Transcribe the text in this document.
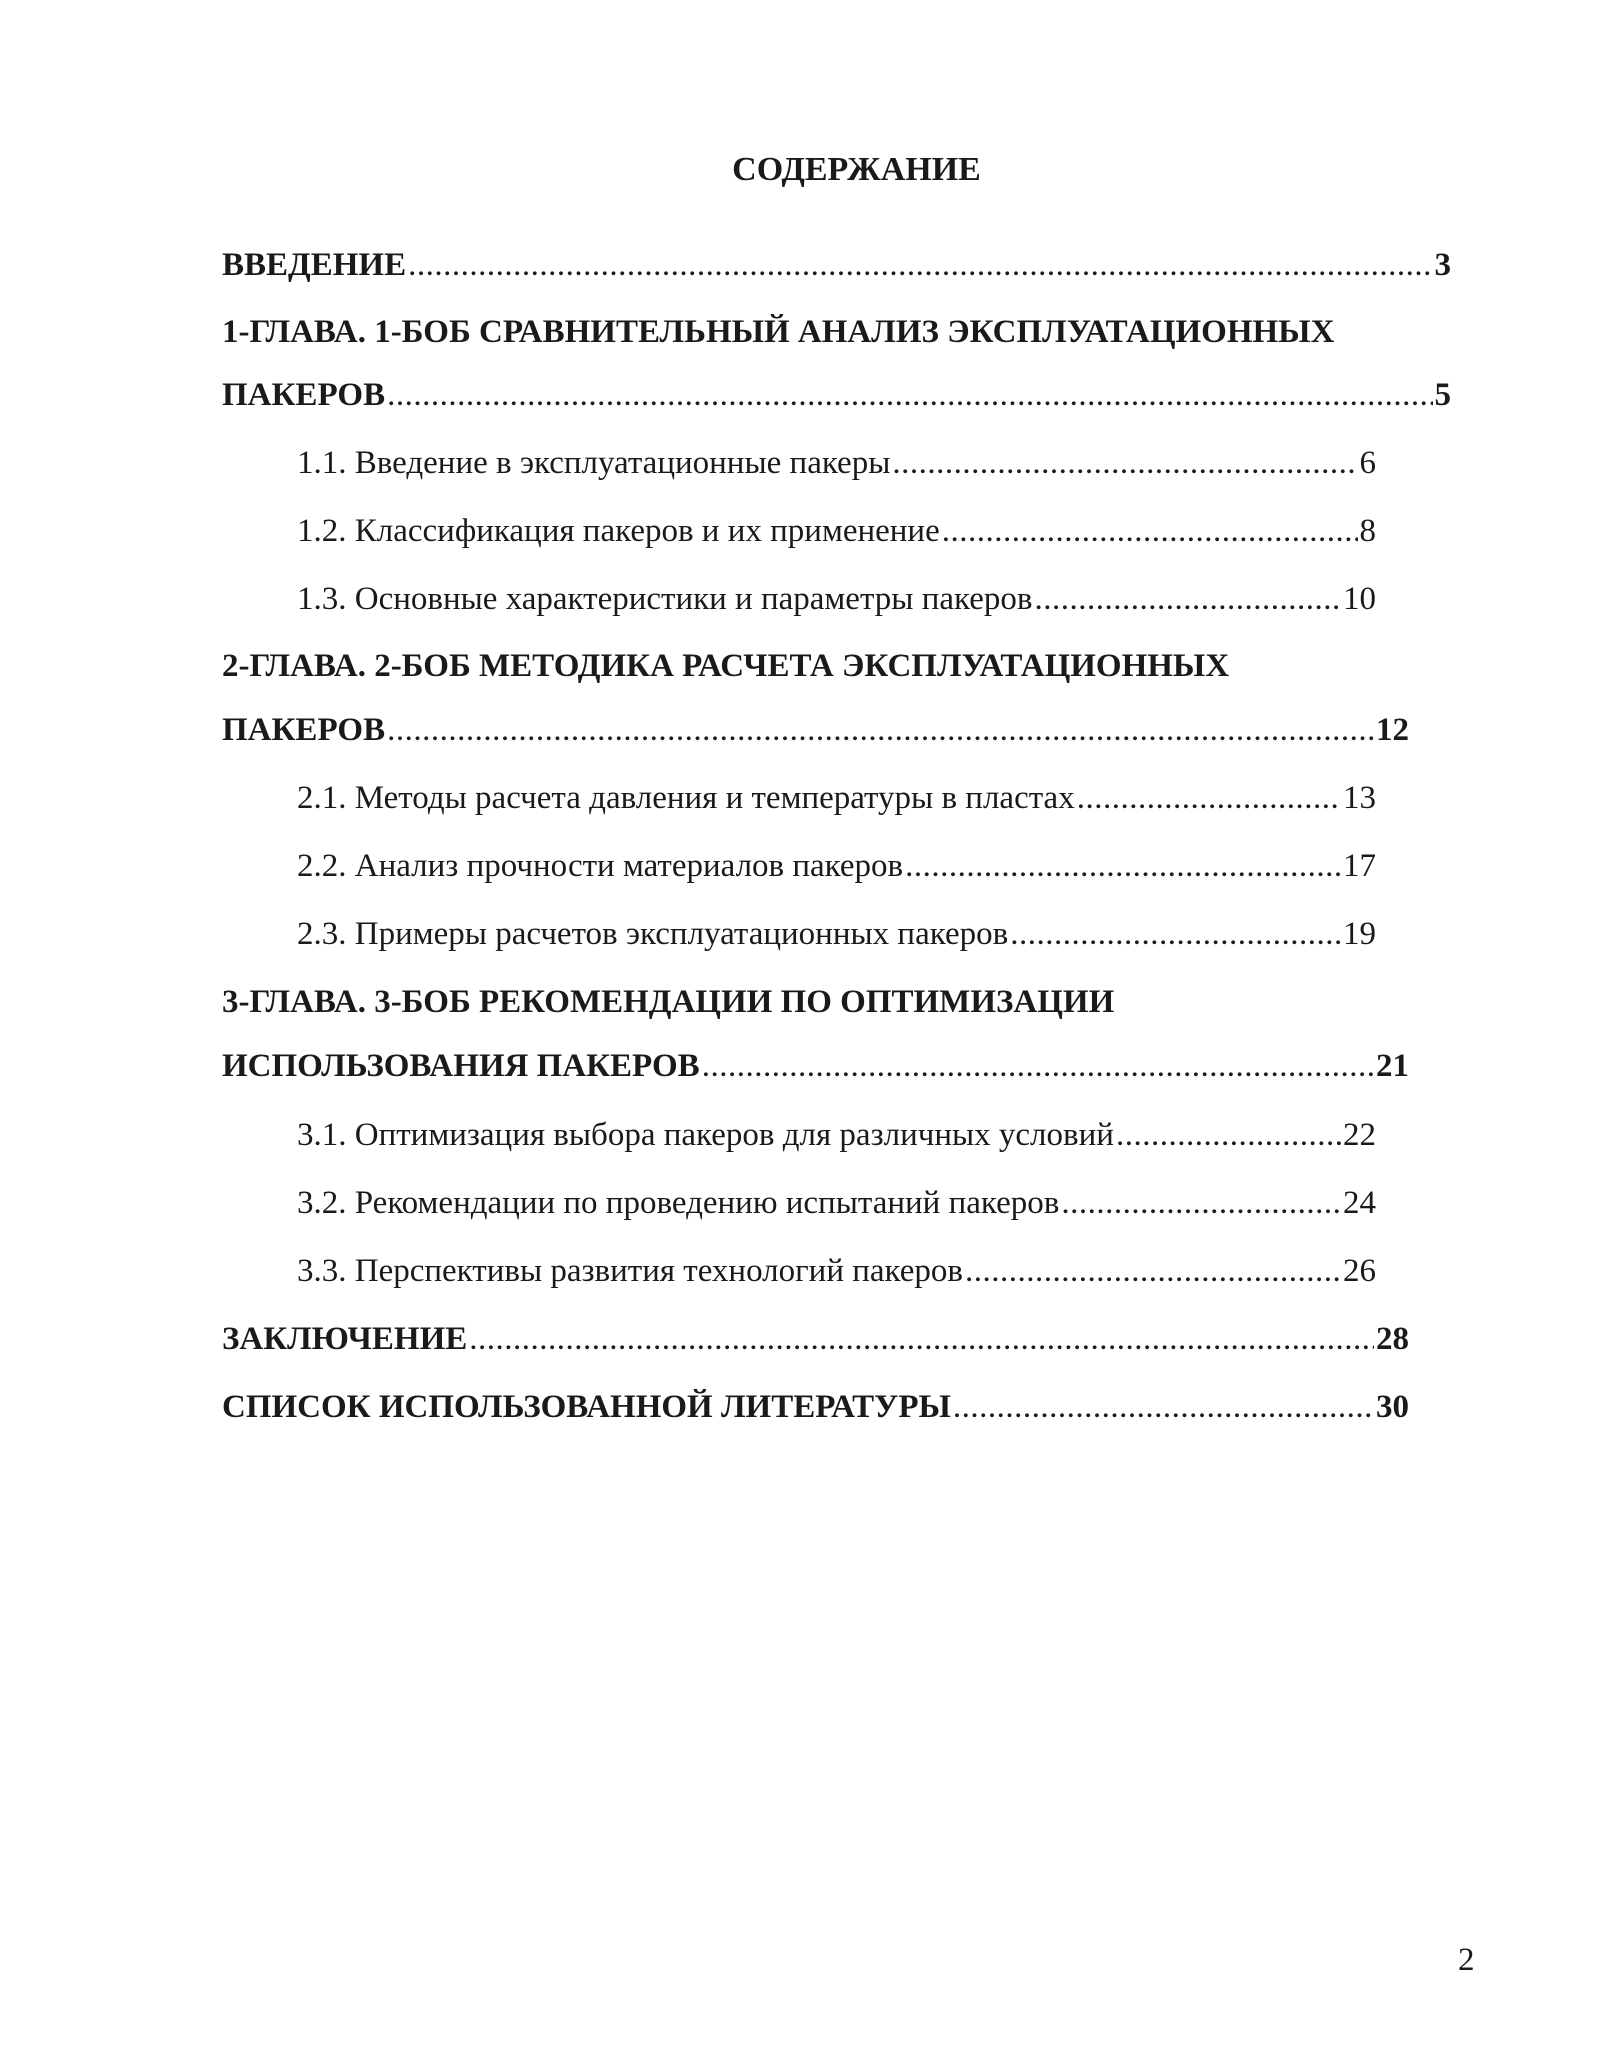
СОДЕРЖАНИЕ
ВВЕДЕНИЕ .....	3
1-ГЛАВА. 1-БОБ СРАВНИТЕЛЬНЫЙ АНАЛИЗ ЭКСПЛУАТАЦИОННЫХ
ПАКЕРОВ .....	5
1.1. Введение в эксплуатационные пакеры .....	6
1.2. Классификация пакеров и их применение .....	8
1.3. Основные характеристики и параметры пакеров .....	10
2-ГЛАВА. 2-БОБ МЕТОДИКА РАСЧЕТА ЭКСПЛУАТАЦИОННЫХ
ПАКЕРОВ .....	12
2.1. Методы расчета давления и температуры в пластах .....	13
2.2. Анализ прочности материалов пакеров .....	17
2.3. Примеры расчетов эксплуатационных пакеров .....	19
3-ГЛАВА. 3-БОБ РЕКОМЕНДАЦИИ ПО ОПТИМИЗАЦИИ
ИСПОЛЬЗОВАНИЯ ПАКЕРОВ .....	21
3.1. Оптимизация выбора пакеров для различных условий .....	22
3.2. Рекомендации по проведению испытаний пакеров .....	24
3.3. Перспективы развития технологий пакеров .....	26
ЗАКЛЮЧЕНИЕ .....	28
СПИСОК ИСПОЛЬЗОВАННОЙ ЛИТЕРАТУРЫ .....	30
2
